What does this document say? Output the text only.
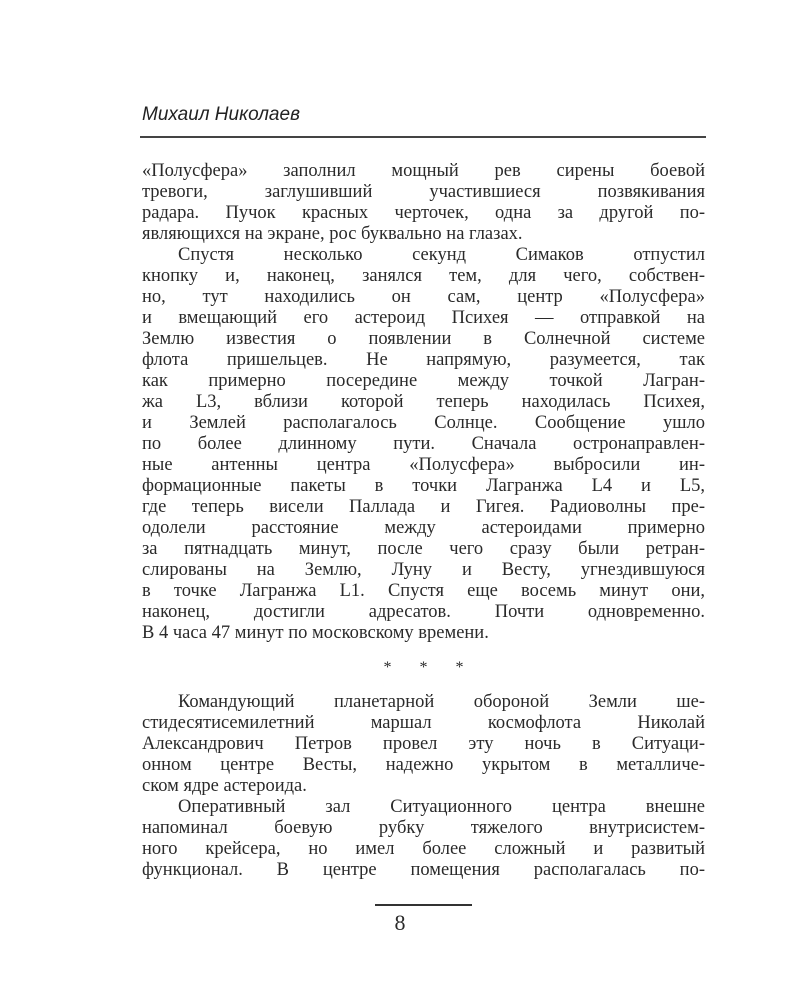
Михаил Николаев
«Полусфера» заполнил мощный рев сирены боевой
тревоги, заглушивший участившиеся позвякивания
радара. Пучок красных черточек, одна за другой по-
являющихся на экране, рос буквально на глазах.
Спустя несколько секунд Симаков отпустил
кнопку и, наконец, занялся тем, для чего, собствен-
но, тут находились он сам, центр «Полусфера»
и вмещающий его астероид Психея — отправкой на
Землю известия о появлении в Солнечной системе
флота пришельцев. Не напрямую, разумеется, так
как примерно посередине между точкой Лагран-
жа L3, вблизи которой теперь находилась Психея,
и Землей располагалось Солнце. Сообщение ушло
по более длинному пути. Сначала остронаправлен-
ные антенны центра «Полусфера» выбросили ин-
формационные пакеты в точки Лагранжа L4 и L5,
где теперь висели Паллада и Гигея. Радиоволны пре-
одолели расстояние между астероидами примерно
за пятнадцать минут, после чего сразу были ретран-
слированы на Землю, Луну и Весту, угнездившуюся
в точке Лагранжа L1. Спустя еще восемь минут они,
наконец, достигли адресатов. Почти одновременно.
В 4 часа 47 минут по московскому времени.
* * *
Командующий планетарной обороной Земли ше-
стидесятисемилетний маршал космофлота Николай
Александрович Петров провел эту ночь в Ситуаци-
онном центре Весты, надежно укрытом в металличе-
ском ядре астероида.
Оперативный зал Ситуационного центра внешне
напоминал боевую рубку тяжелого внутрисистем-
ного крейсера, но имел более сложный и развитый
функционал. В центре помещения располагалась по-
8
